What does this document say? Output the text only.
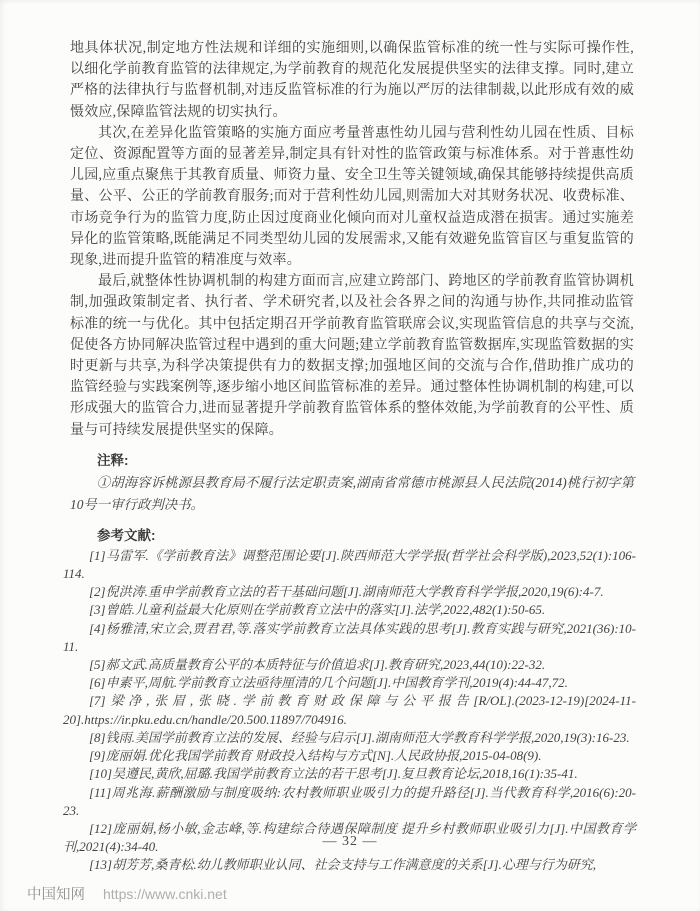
地具体状况,制定地方性法规和详细的实施细则,以确保监管标准的统一性与实际可操作性,以细化学前教育监管的法律规定,为学前教育的规范化发展提供坚实的法律支撑。同时,建立严格的法律执行与监督机制,对违反监管标准的行为施以严厉的法律制裁,以此形成有效的威慑效应,保障监管法规的切实执行。

其次,在差异化监管策略的实施方面应考量普惠性幼儿园与营利性幼儿园在性质、目标定位、资源配置等方面的显著差异,制定具有针对性的监管政策与标准体系。对于普惠性幼儿园,应重点聚焦于其教育质量、师资力量、安全卫生等关键领域,确保其能够持续提供高质量、公平、公正的学前教育服务;而对于营利性幼儿园,则需加大对其财务状况、收费标准、市场竞争行为的监管力度,防止因过度商业化倾向而对儿童权益造成潜在损害。通过实施差异化的监管策略,既能满足不同类型幼儿园的发展需求,又能有效避免监管盲区与重复监管的现象,进而提升监管的精准度与效率。

最后,就整体性协调机制的构建方面而言,应建立跨部门、跨地区的学前教育监管协调机制,加强政策制定者、执行者、学术研究者,以及社会各界之间的沟通与协作,共同推动监管标准的统一与优化。其中包括定期召开学前教育监管联席会议,实现监管信息的共享与交流,促使各方协同解决监管过程中遇到的重大问题;建立学前教育监管数据库,实现监管数据的实时更新与共享,为科学决策提供有力的数据支撑;加强地区间的交流与合作,借助推广成功的监管经验与实践案例等,逐步缩小地区间监管标准的差异。通过整体性协调机制的构建,可以形成强大的监管合力,进而显著提升学前教育监管体系的整体效能,为学前教育的公平性、质量与可持续发展提供坚实的保障。

注释:

①胡海容诉桃源县教育局不履行法定职责案,湖南省常德市桃源县人民法院(2014)桃行初字第10号一审行政判决书。

参考文献:

[1]马雷军.《学前教育法》调整范围论要[J].陕西师范大学学报(哲学社会科学版),2023,52(1):106-114.

[2]倪洪涛.重申学前教育立法的若干基础问题[J].湖南师范大学教育科学学报,2020,19(6):4-7.

[3]曾皓.儿童利益最大化原则在学前教育立法中的落实[J].法学,2022,482(1):50-65.

[4]杨雅清,宋立会,贾君君,等.落实学前教育立法具体实践的思考[J].教育实践与研究,2021(36):10-11.

[5]郝文武.高质量教育公平的本质特征与价值追求[J].教育研究,2023,44(10):22-32.

[6]申素平,周航.学前教育立法亟待厘清的几个问题[J].中国教育学刊,2019(4):44-47,72.

[7]梁净,张眉,张晓.学前教育财政保障与公平报告[R/OL].(2023-12-19)[2024-11-20].https://ir.pku.edu.cn/handle/20.500.11897/704916.

[8]钱雨.美国学前教育立法的发展、经验与启示[J].湖南师范大学教育科学学报,2020,19(3):16-23.

[9]庞丽娟.优化我国学前教育 财政投入结构与方式[N].人民政协报,2015-04-08(9).

[10]吴遵民,黄欣,屈璐.我国学前教育立法的若干思考[J].复旦教育论坛,2018,16(1):35-41.

[11]周兆海.薪酬激励与制度吸纳:农村教师职业吸引力的提升路径[J].当代教育科学,2016(6):20-23.

[12]庞丽娟,杨小敏,金志峰,等.构建综合待遇保障制度 提升乡村教师职业吸引力[J].中国教育学刊,2021(4):34-40.

[13]胡芳芳,桑青松.幼儿教师职业认同、社会支持与工作满意度的关系[J].心理与行为研究,

— 32 —
中国知网 https://www.cnki.net
